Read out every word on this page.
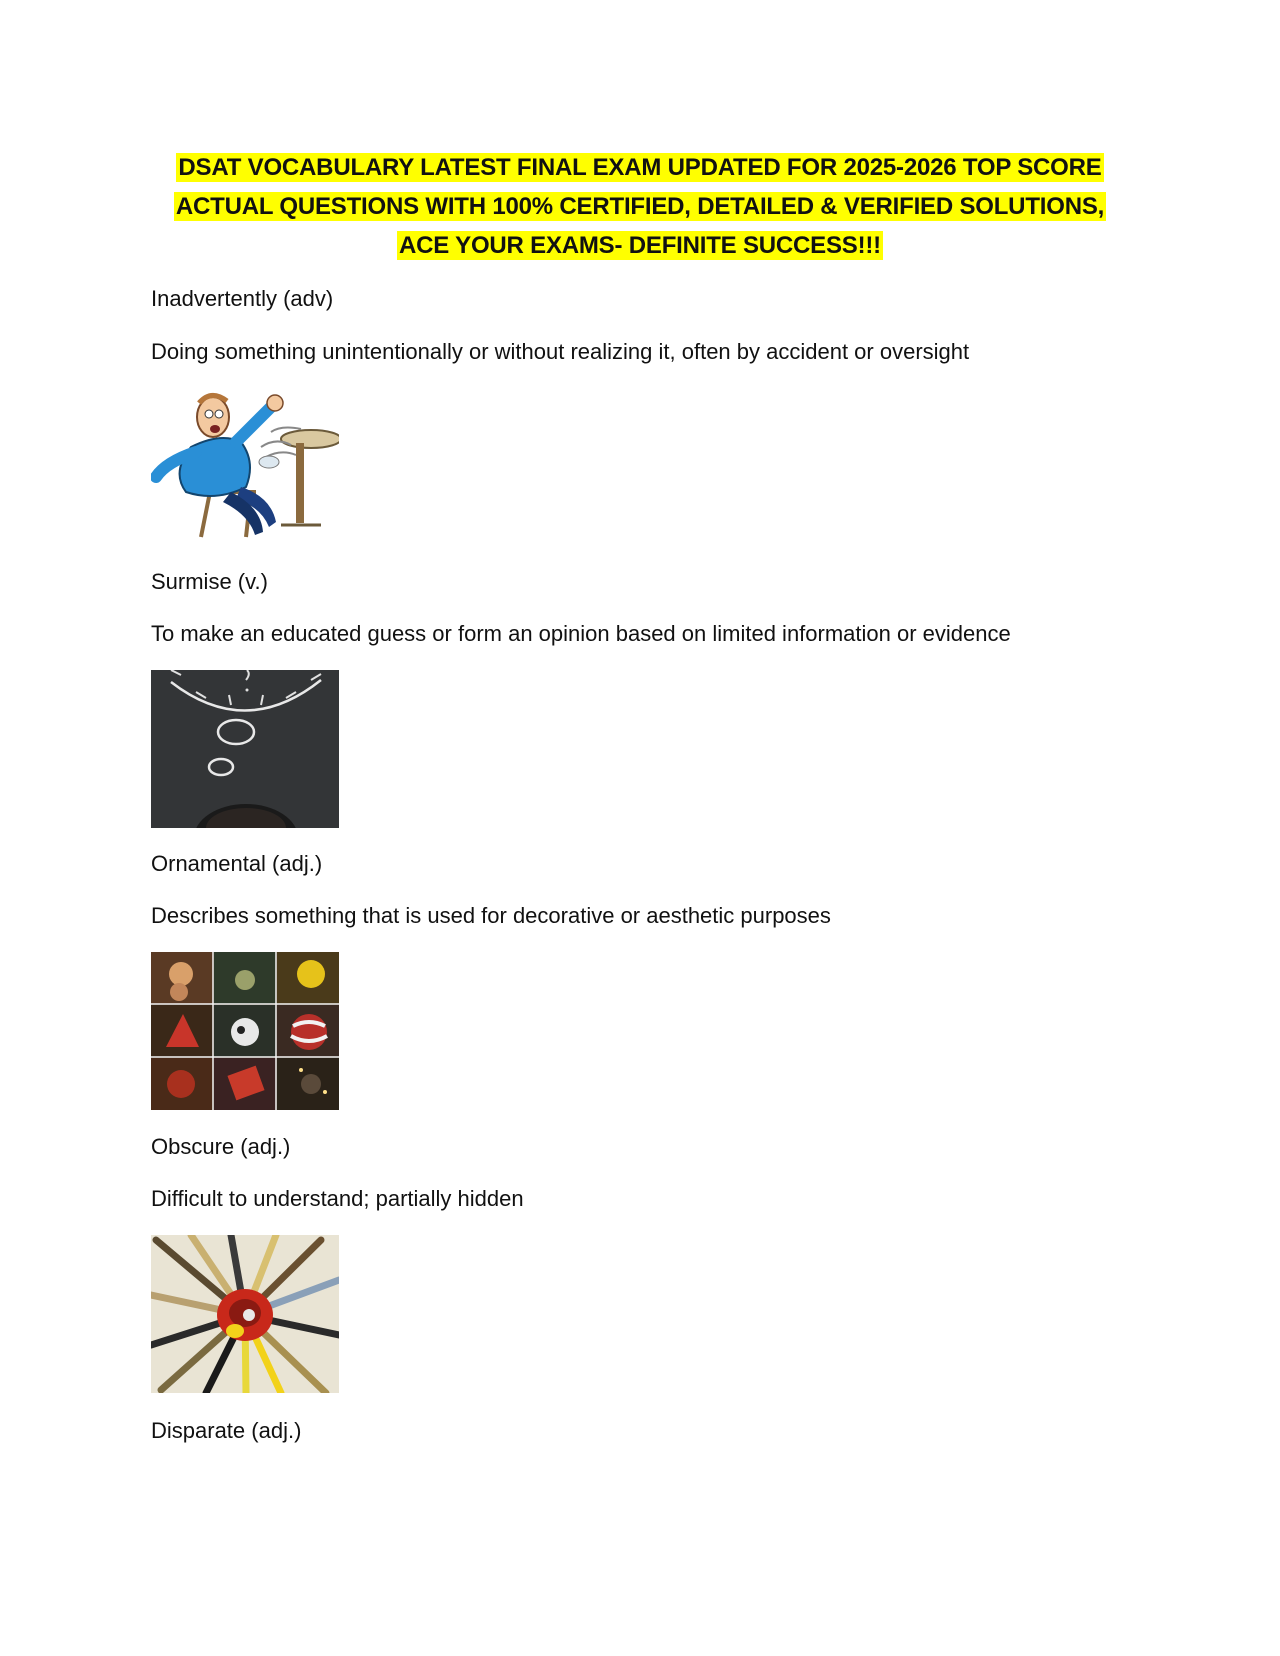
DSAT VOCABULARY LATEST FINAL EXAM UPDATED FOR 2025-2026 TOP SCORE
ACTUAL QUESTIONS WITH 100% CERTIFIED, DETAILED & VERIFIED SOLUTIONS,
ACE YOUR EXAMS- DEFINITE SUCCESS!!!
Inadvertently (adv)
Doing something unintentionally or without realizing it, often by accident or oversight
Surmise (v.)
To make an educated guess or form an opinion based on limited information or evidence
Ornamental (adj.)
Describes something that is used for decorative or aesthetic purposes
Obscure (adj.)
Difficult to understand; partially hidden
Disparate (adj.)
